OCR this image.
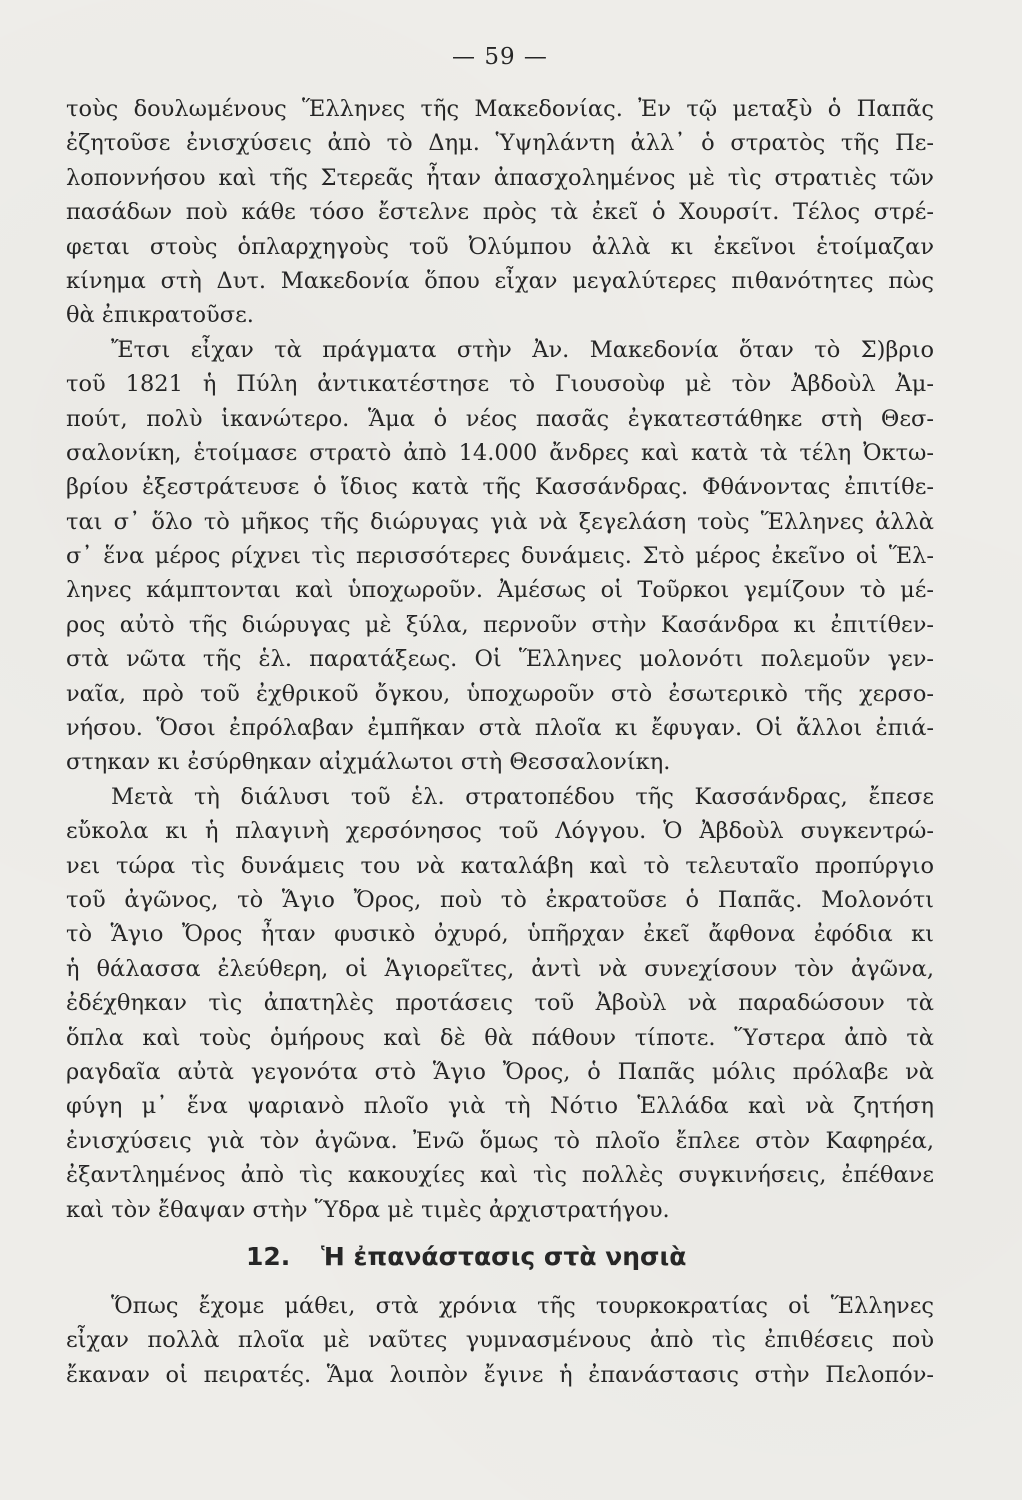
— 59 —
τοὺς δουλωμένους Ἕλληνες τῆς Μακεδονίας. Ἐν τῷ μεταξὺ ὁ Παπᾶς
ἐζητοῦσε ἐνισχύσεις ἀπὸ τὸ Δημ. Ὑψηλάντη ἀλλ᾿ ὁ στρατὸς τῆς Πε-
λοποννήσου καὶ τῆς Στερεᾶς ἦταν ἀπασχολημένος μὲ τὶς στρατιὲς τῶν
πασάδων ποὺ κάθε τόσο ἔστελνε πρὸς τὰ ἐκεῖ ὁ Χουρσίτ. Τέλος στρέ-
φεται στοὺς ὁπλαρχηγοὺς τοῦ Ὀλύμπου ἀλλὰ κι ἐκεῖνοι ἑτοίμαζαν
κίνημα στὴ Δυτ. Μακεδονία ὅπου εἶχαν μεγαλύτερες πιθανότητες πὼς
θὰ ἐπικρατοῦσε.
Ἔτσι εἶχαν τὰ πράγματα στὴν Ἀν. Μακεδονία ὅταν τὸ Σ)βριο
τοῦ 1821 ἡ Πύλη ἀντικατέστησε τὸ Γιουσοὺφ μὲ τὸν Ἀβδοὺλ Ἀμ-
πούτ, πολὺ ἱκανώτερο. Ἅμα ὁ νέος πασᾶς ἐγκατεστάθηκε στὴ Θεσ-
σαλονίκη, ἑτοίμασε στρατὸ ἀπὸ 14.000 ἄνδρες καὶ κατὰ τὰ τέλη Ὀκτω-
βρίου ἐξεστράτευσε ὁ ἴδιος κατὰ τῆς Κασσάνδρας. Φθάνοντας ἐπιτίθε-
ται σ᾿ ὅλο τὸ μῆκος τῆς διώρυγας γιὰ νὰ ξεγελάση τοὺς Ἕλληνες ἀλλὰ
σ᾿ ἕνα μέρος ρίχνει τὶς περισσότερες δυνάμεις. Στὸ μέρος ἐκεῖνο οἱ Ἕλ-
ληνες κάμπτονται καὶ ὑποχωροῦν. Ἀμέσως οἱ Τοῦρκοι γεμίζουν τὸ μέ-
ρος αὐτὸ τῆς διώρυγας μὲ ξύλα, περνοῦν στὴν Κασάνδρα κι ἐπιτίθεν-
στὰ νῶτα τῆς ἑλ. παρατάξεως. Οἱ Ἕλληνες μολονότι πολεμοῦν γεν-
ναῖα, πρὸ τοῦ ἐχθρικοῦ ὄγκου, ὑποχωροῦν στὸ ἐσωτερικὸ τῆς χερσο-
νήσου. Ὅσοι ἐπρόλαβαν ἐμπῆκαν στὰ πλοῖα κι ἔφυγαν. Οἱ ἄλλοι ἐπιά-
στηκαν κι ἐσύρθηκαν αἰχμάλωτοι στὴ Θεσσαλονίκη.
Μετὰ τὴ διάλυσι τοῦ ἑλ. στρατοπέδου τῆς Κασσάνδρας, ἔπεσε
εὔκολα κι ἡ πλαγινὴ χερσόνησος τοῦ Λόγγου. Ὁ Ἀβδοὺλ συγκεντρώ-
νει τώρα τὶς δυνάμεις του νὰ καταλάβη καὶ τὸ τελευταῖο προπύργιο
τοῦ ἀγῶνος, τὸ Ἅγιο Ὄρος, ποὺ τὸ ἐκρατοῦσε ὁ Παπᾶς. Μολονότι
τὸ Ἅγιο Ὄρος ἦταν φυσικὸ ὀχυρό, ὑπῆρχαν ἐκεῖ ἄφθονα ἐφόδια κι
ἡ θάλασσα ἐλεύθερη, οἱ Ἁγιορεῖτες, ἀντὶ νὰ συνεχίσουν τὸν ἀγῶνα,
ἐδέχθηκαν τὶς ἀπατηλὲς προτάσεις τοῦ Ἀβοὺλ νὰ παραδώσουν τὰ
ὅπλα καὶ τοὺς ὁμήρους καὶ δὲ θὰ πάθουν τίποτε. Ὕστερα ἀπὸ τὰ
ραγδαῖα αὐτὰ γεγονότα στὸ Ἅγιο Ὄρος, ὁ Παπᾶς μόλις πρόλαβε νὰ
φύγη μ᾿ ἕνα ψαριανὸ πλοῖο γιὰ τὴ Νότιο Ἑλλάδα καὶ νὰ ζητήση
ἐνισχύσεις γιὰ τὸν ἀγῶνα. Ἐνῶ ὅμως τὸ πλοῖο ἔπλεε στὸν Καφηρέα,
ἐξαντλημένος ἀπὸ τὶς κακουχίες καὶ τὶς πολλὲς συγκινήσεις, ἐπέθανε
καὶ τὸν ἔθαψαν στὴν Ὕδρα μὲ τιμὲς ἀρχιστρατήγου.
12. Ἡ ἐπανάστασις στὰ νησιὰ
Ὅπως ἔχομε μάθει, στὰ χρόνια τῆς τουρκοκρατίας οἱ Ἕλληνες
εἶχαν πολλὰ πλοῖα μὲ ναῦτες γυμνασμένους ἀπὸ τὶς ἐπιθέσεις ποὺ
ἔκαναν οἱ πειρατές. Ἅμα λοιπὸν ἔγινε ἡ ἐπανάστασις στὴν Πελοπόν-
